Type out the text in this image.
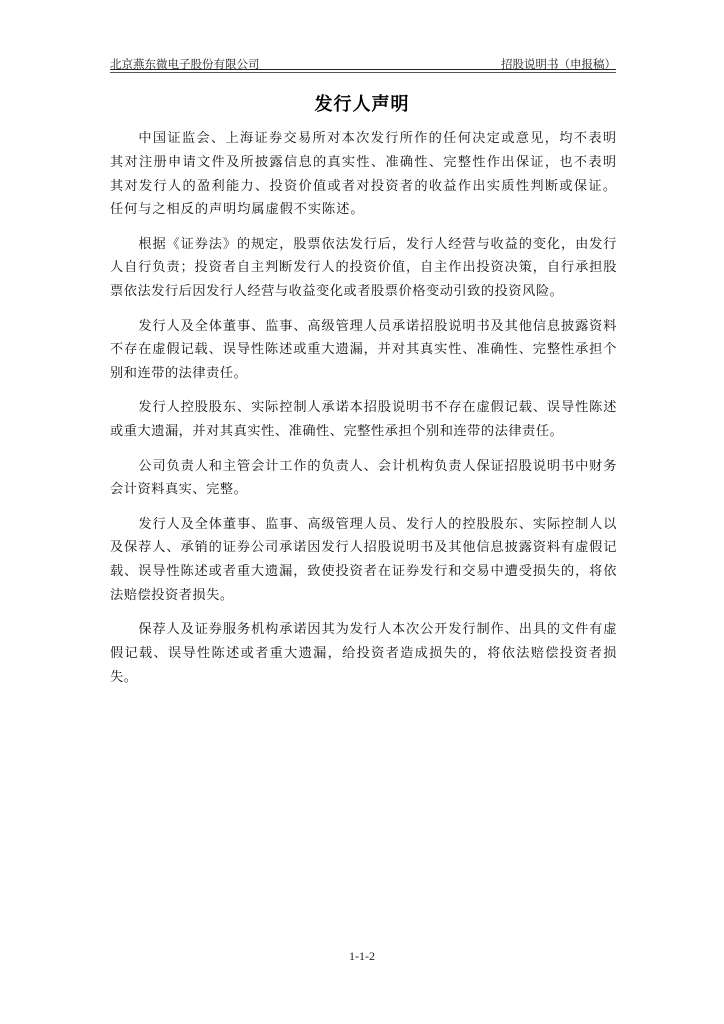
北京燕东微电子股份有限公司	招股说明书（申报稿）
发行人声明

中国证监会、上海证券交易所对本次发行所作的任何决定或意见，均不表明其对注册申请文件及所披露信息的真实性、准确性、完整性作出保证，也不表明其对发行人的盈利能力、投资价值或者对投资者的收益作出实质性判断或保证。任何与之相反的声明均属虚假不实陈述。

根据《证券法》的规定，股票依法发行后，发行人经营与收益的变化，由发行人自行负责；投资者自主判断发行人的投资价值，自主作出投资决策，自行承担股票依法发行后因发行人经营与收益变化或者股票价格变动引致的投资风险。

发行人及全体董事、监事、高级管理人员承诺招股说明书及其他信息披露资料不存在虚假记载、误导性陈述或重大遗漏，并对其真实性、准确性、完整性承担个别和连带的法律责任。

发行人控股股东、实际控制人承诺本招股说明书不存在虚假记载、误导性陈述或重大遗漏，并对其真实性、准确性、完整性承担个别和连带的法律责任。

公司负责人和主管会计工作的负责人、会计机构负责人保证招股说明书中财务会计资料真实、完整。

发行人及全体董事、监事、高级管理人员、发行人的控股股东、实际控制人以及保荐人、承销的证券公司承诺因发行人招股说明书及其他信息披露资料有虚假记载、误导性陈述或者重大遗漏，致使投资者在证券发行和交易中遭受损失的，将依法赔偿投资者损失。

保荐人及证券服务机构承诺因其为发行人本次公开发行制作、出具的文件有虚假记载、误导性陈述或者重大遗漏，给投资者造成损失的，将依法赔偿投资者损失。

1-1-2
